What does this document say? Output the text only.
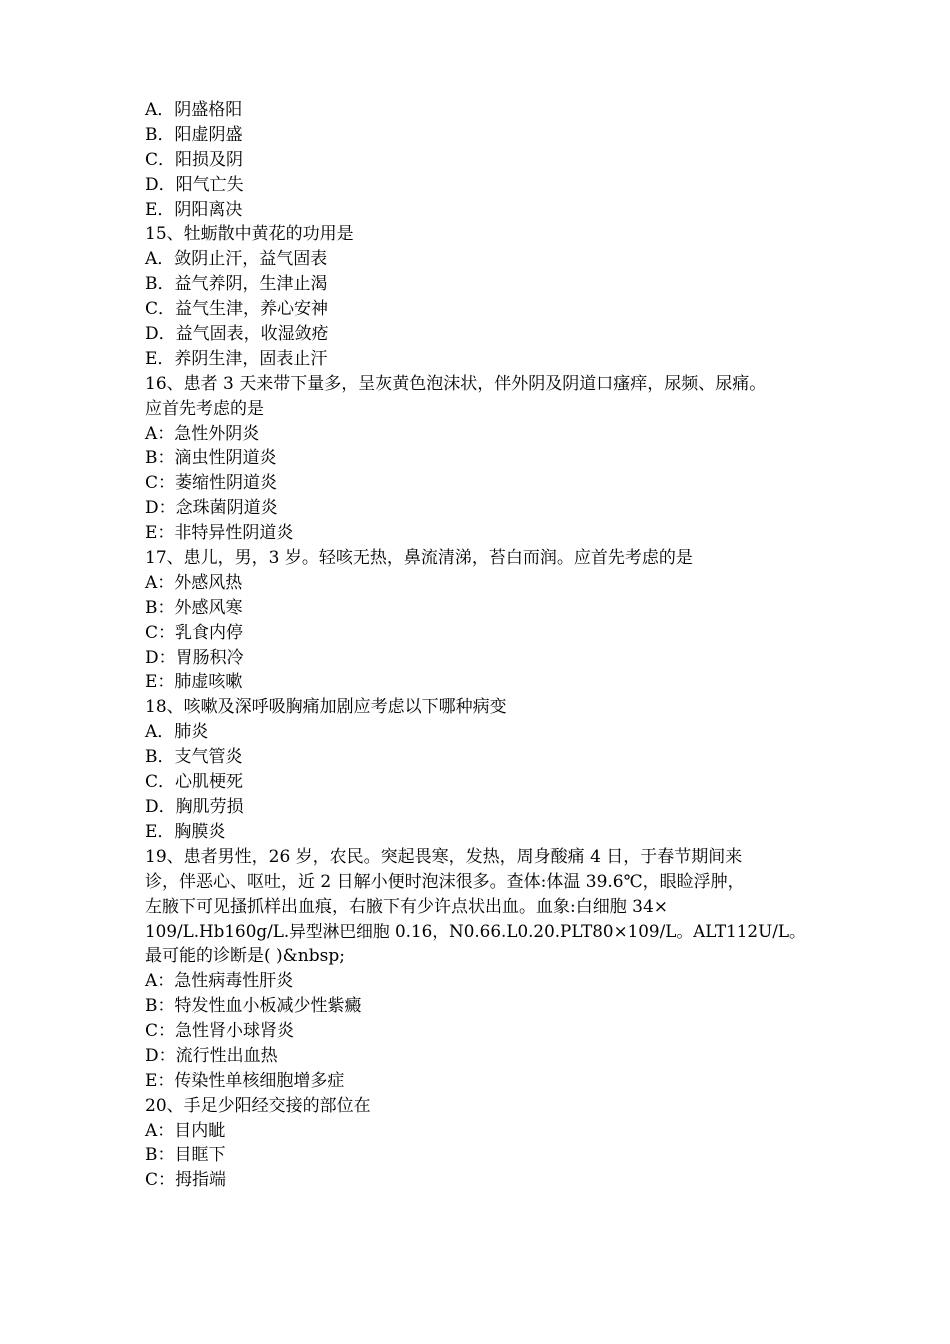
A．阴盛格阳
B．阳虚阴盛
C．阳损及阴
D．阳气亡失
E．阴阳离决
15、牡蛎散中黄花的功用是
A．敛阴止汗，益气固表
B．益气养阴，生津止渴
C．益气生津，养心安神
D．益气固表，收湿敛疮
E．养阴生津，固表止汗
16、患者 3 天来带下量多，呈灰黄色泡沫状，伴外阴及阴道口瘙痒，尿频、尿痛。
应首先考虑的是
A：急性外阴炎
B：滴虫性阴道炎
C：萎缩性阴道炎
D：念珠菌阴道炎
E：非特异性阴道炎
17、患儿，男，3 岁。轻咳无热，鼻流清涕，苔白而润。应首先考虑的是
A：外感风热
B：外感风寒
C：乳食内停
D：胃肠积冷
E：肺虚咳嗽
18、咳嗽及深呼吸胸痛加剧应考虑以下哪种病变
A．肺炎
B．支气管炎
C．心肌梗死
D．胸肌劳损
E．胸膜炎
19、患者男性，26 岁，农民。突起畏寒，发热，周身酸痛 4 日，于春节期间来
诊，伴恶心、呕吐，近 2 日解小便时泡沫很多。查体:体温 39.6℃，眼睑浮肿，
左腋下可见搔抓样出血痕，右腋下有少许点状出血。血象:白细胞 34×
109/L.Hb160g/L.异型淋巴细胞 0.16，N0.66.L0.20.PLT80×109/L。ALT112U/L。
最可能的诊断是( )&nbsp;
A：急性病毒性肝炎
B：特发性血小板减少性紫癜
C：急性肾小球肾炎
D：流行性出血热
E：传染性单核细胞增多症
20、手足少阳经交接的部位在
A：目内眦
B：目眶下
C：拇指端
